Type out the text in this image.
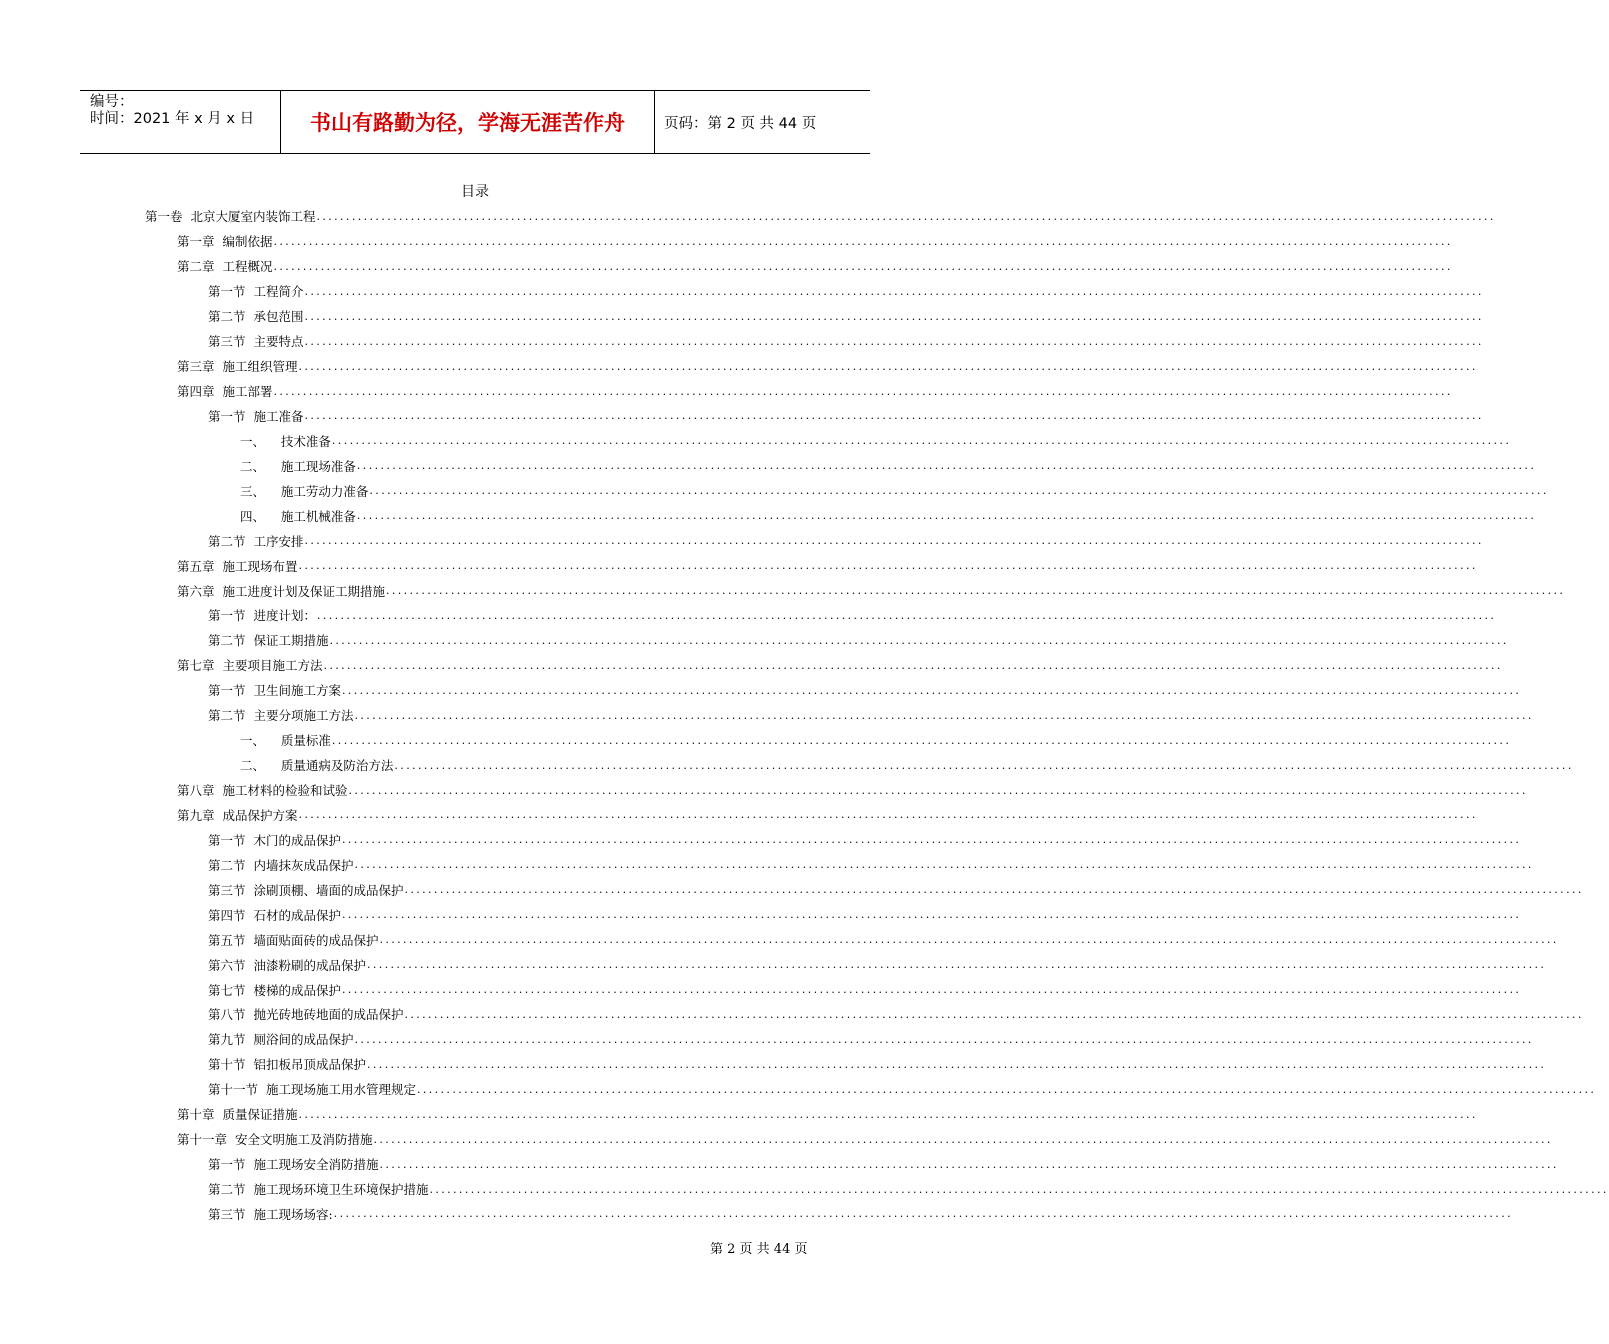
编号：
时间：2021 年 x 月 x 日	书山有路勤为径，学海无涯苦作舟	页码：第 2 页 共 44 页
目录
第一卷  北京大厦室内装饰工程 ........................................................................................................................................................................................................
第一章  编制依据 ........................................................................................................................................................................................................
第二章  工程概况 ........................................................................................................................................................................................................
第一节  工程简介 ........................................................................................................................................................................................................
第二节  承包范围 ........................................................................................................................................................................................................
第三节  主要特点 ........................................................................................................................................................................................................
第三章  施工组织管理 ........................................................................................................................................................................................................
第四章  施工部署 ........................................................................................................................................................................................................
第一节  施工准备 ........................................................................................................................................................................................................
一、    技术准备 ........................................................................................................................................................................................................
二、    施工现场准备 ........................................................................................................................................................................................................
三、    施工劳动力准备 ........................................................................................................................................................................................................
四、    施工机械准备 ........................................................................................................................................................................................................
第二节  工序安排 ........................................................................................................................................................................................................
第五章  施工现场布置 ........................................................................................................................................................................................................
第六章  施工进度计划及保证工期措施 ........................................................................................................................................................................................................
第一节  进度计划： ........................................................................................................................................................................................................
第二节  保证工期措施 ........................................................................................................................................................................................................
第七章  主要项目施工方法 ........................................................................................................................................................................................................
第一节  卫生间施工方案 ........................................................................................................................................................................................................
第二节  主要分项施工方法 ........................................................................................................................................................................................................
一、    质量标准 ........................................................................................................................................................................................................
二、    质量通病及防治方法 ........................................................................................................................................................................................................
第八章  施工材料的检验和试验 ........................................................................................................................................................................................................
第九章  成品保护方案 ........................................................................................................................................................................................................
第一节  木门的成品保护 ........................................................................................................................................................................................................
第二节  内墙抹灰成品保护 ........................................................................................................................................................................................................
第三节  涂刷顶棚、墙面的成品保护 ........................................................................................................................................................................................................
第四节  石材的成品保护 ........................................................................................................................................................................................................
第五节  墙面贴面砖的成品保护 ........................................................................................................................................................................................................
第六节  油漆粉刷的成品保护 ........................................................................................................................................................................................................
第七节  楼梯的成品保护 ........................................................................................................................................................................................................
第八节  抛光砖地砖地面的成品保护 ........................................................................................................................................................................................................
第九节  厕浴间的成品保护 ........................................................................................................................................................................................................
第十节  铝扣板吊顶成品保护 ........................................................................................................................................................................................................
第十一节  施工现场施工用水管理规定 ........................................................................................................................................................................................................
第十章  质量保证措施 ........................................................................................................................................................................................................
第十一章  安全文明施工及消防措施 ........................................................................................................................................................................................................
第一节  施工现场安全消防措施 ........................................................................................................................................................................................................
第二节  施工现场环境卫生环境保护措施 ........................................................................................................................................................................................................
第三节  施工现场场容: ........................................................................................................................................................................................................
第 2 页 共 44 页
